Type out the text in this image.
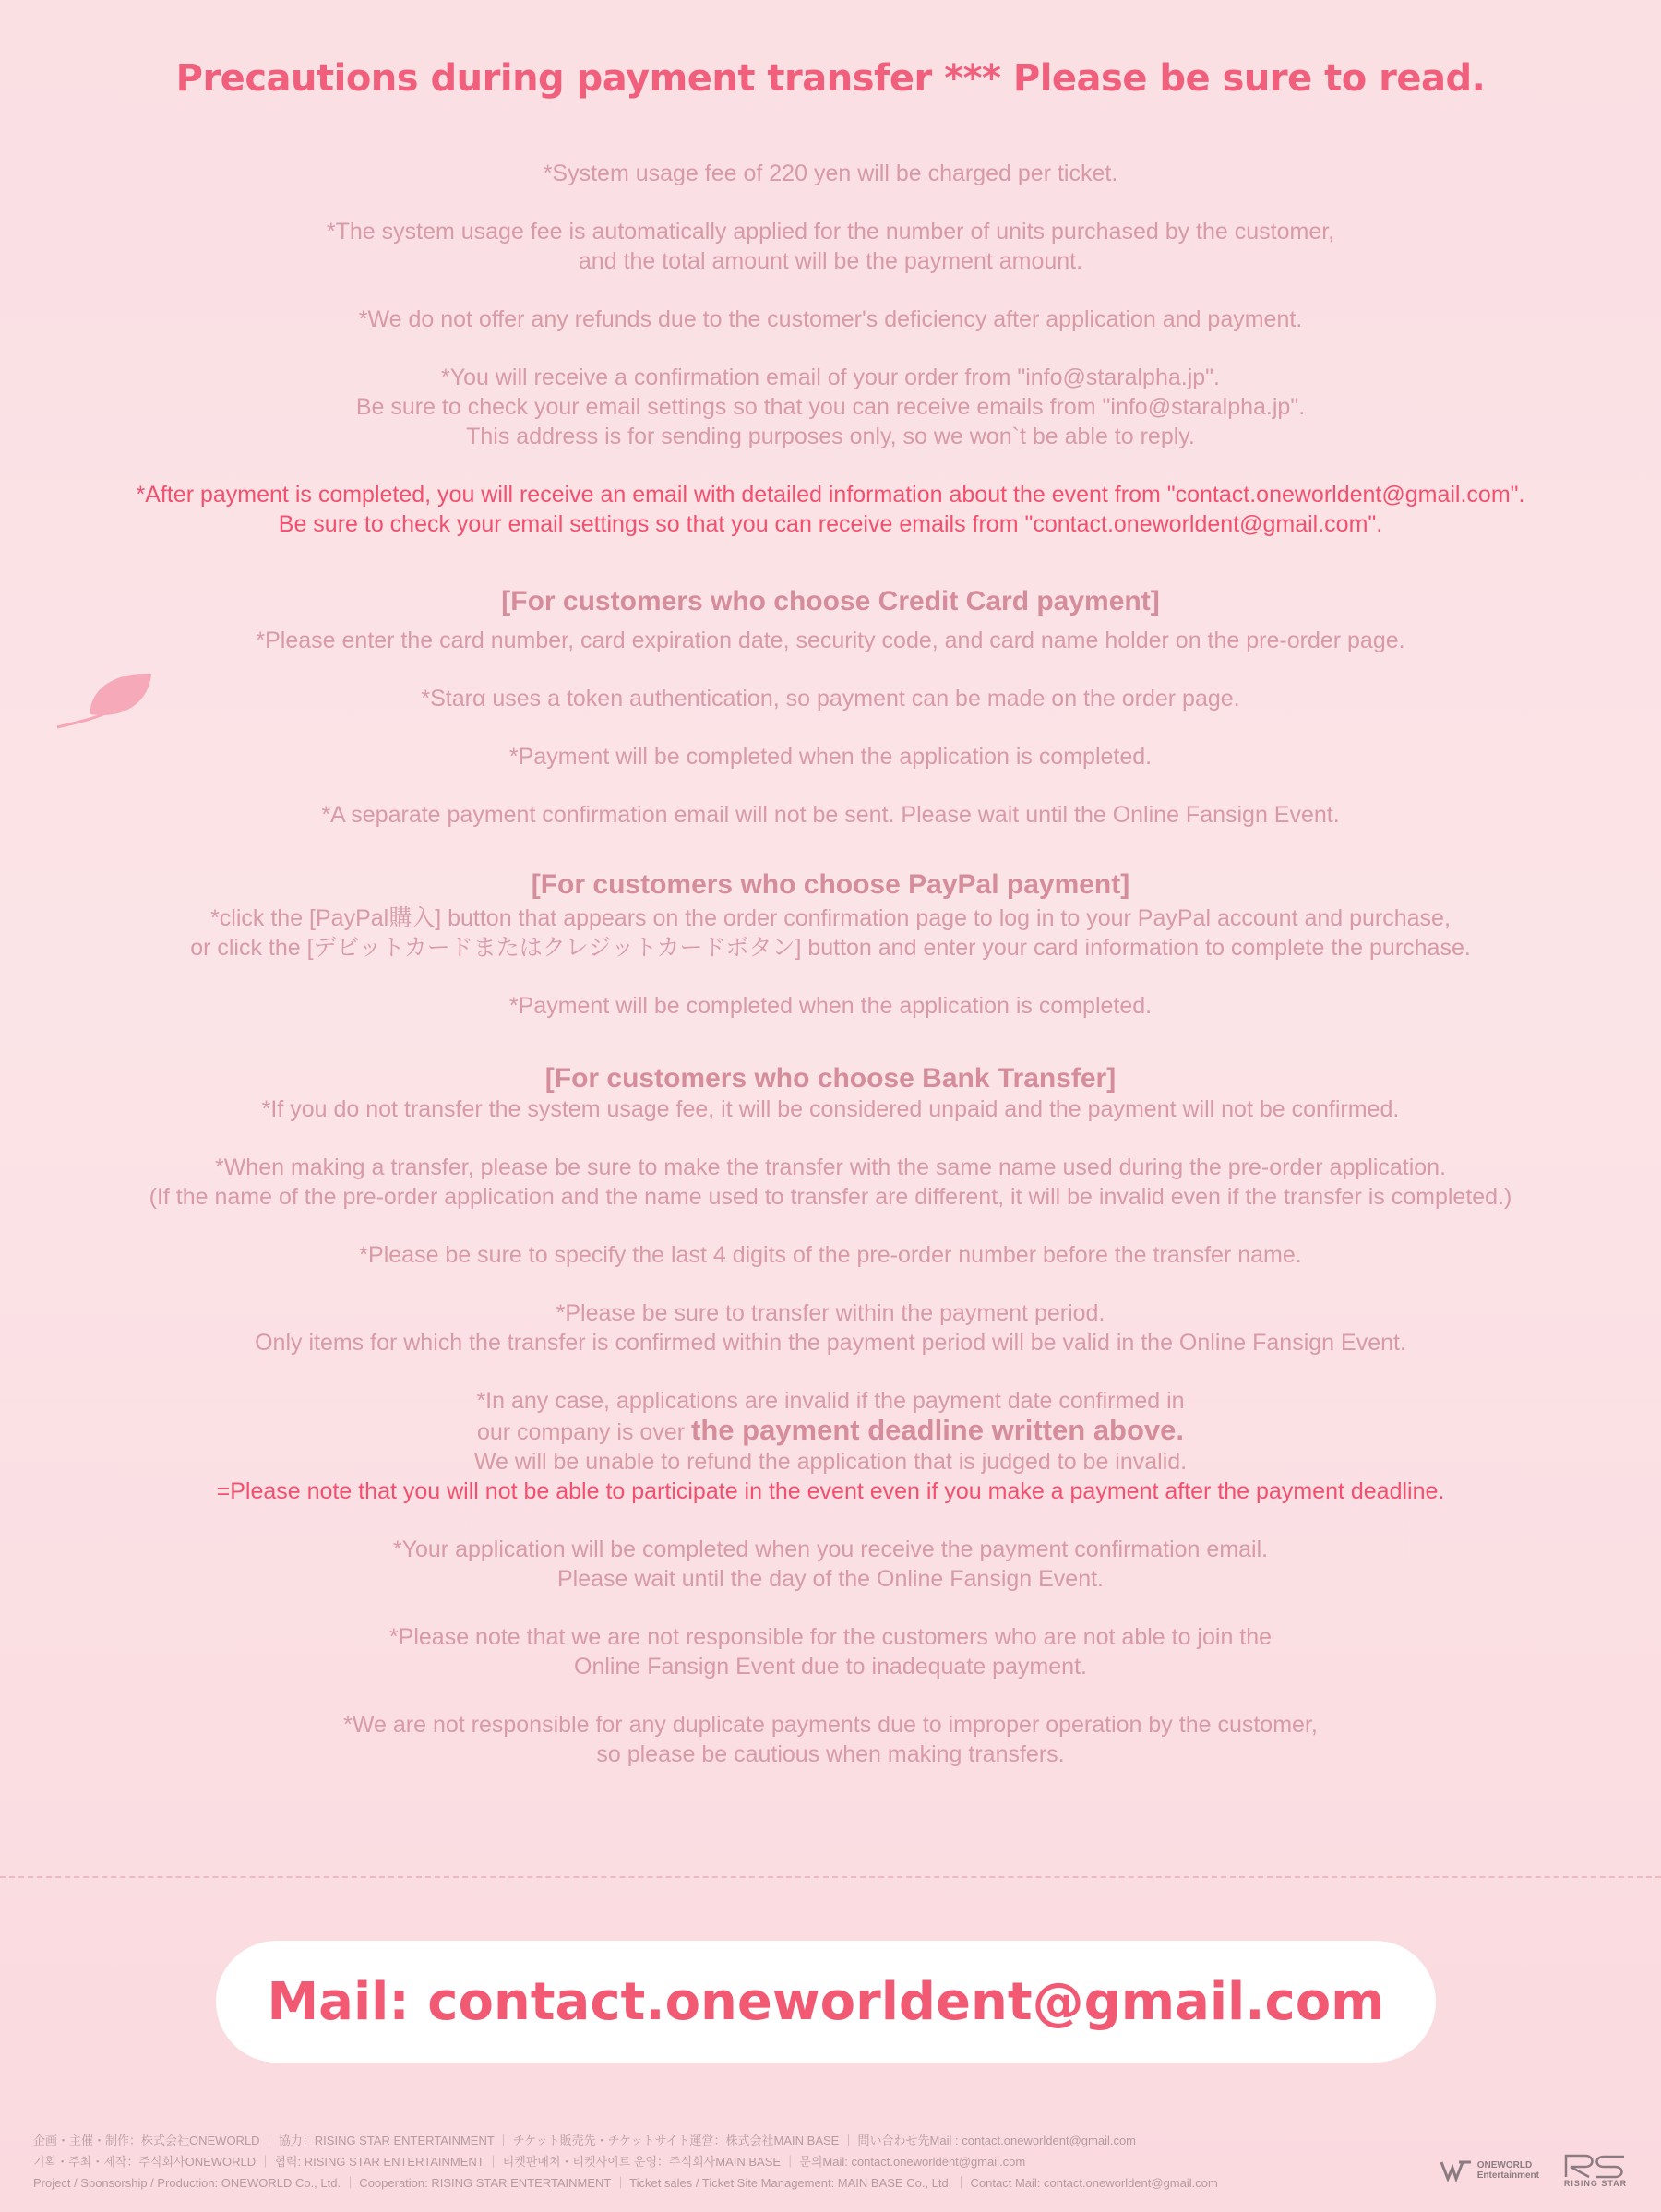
Precautions during payment transfer *** Please be sure to read.

*System usage fee of 220 yen will be charged per ticket.

*The system usage fee is automatically applied for the number of units purchased by the customer,
and the total amount will be the payment amount.

*We do not offer any refunds due to the customer's deficiency after application and payment.

*You will receive a confirmation email of your order from "info@staralpha.jp".
Be sure to check your email settings so that you can receive emails from "info@staralpha.jp".
This address is for sending purposes only, so we won`t be able to reply.

*After payment is completed, you will receive an email with detailed information about the event from "contact.oneworldent@gmail.com".
Be sure to check your email settings so that you can receive emails from "contact.oneworldent@gmail.com".

[For customers who choose Credit Card payment]

*Please enter the card number, card expiration date, security code, and card name holder on the pre-order page.

*Starα uses a token authentication, so payment can be made on the order page.

*Payment will be completed when the application is completed.

*A separate payment confirmation email will not be sent. Please wait until the Online Fansign Event.

[For customers who choose PayPal payment]

*click the [PayPal購入] button that appears on the order confirmation page to log in to your PayPal account and purchase,
or click the [デビットカードまたはクレジットカードボタン] button and enter your card information to complete the purchase.

*Payment will be completed when the application is completed.

[For customers who choose Bank Transfer]

*If you do not transfer the system usage fee, it will be considered unpaid and the payment will not be confirmed.

*When making a transfer, please be sure to make the transfer with the same name used during the pre-order application.
(If the name of the pre-order application and the name used to transfer are different, it will be invalid even if the transfer is completed.)

*Please be sure to specify the last 4 digits of the pre-order number before the transfer name.

*Please be sure to transfer within the payment period.
Only items for which the transfer is confirmed within the payment period will be valid in the Online Fansign Event.

*In any case, applications are invalid if the payment date confirmed in
our company is over the payment deadline written above.
We will be unable to refund the application that is judged to be invalid.
=Please note that you will not be able to participate in the event even if you make a payment after the payment deadline.

*Your application will be completed when you receive the payment confirmation email.
Please wait until the day of the Online Fansign Event.

*Please note that we are not responsible for the customers who are not able to join the
Online Fansign Event due to inadequate payment.

*We are not responsible for any duplicate payments due to improper operation by the customer,
so please be cautious when making transfers.

Mail: contact.oneworldent@gmail.com
企画・主催・制作：株式会社ONEWORLD ｜ 協力：RISING STAR ENTERTAINMENT ｜ チケット販売先・チケットサイト運営：株式会社MAIN BASE ｜ 問い合わせ先Mail : contact.oneworldent@gmail.com
기획・주최・제작：주식회사ONEWORLD ｜ 협력: RISING STAR ENTERTAINMENT ｜ 티켓판매처・티켓사이트 운영：주식회사MAIN BASE ｜ 문의Mail: contact.oneworldent@gmail.com
Project / Sponsorship / Production: ONEWORLD Co., Ltd. ｜ Cooperation: RISING STAR ENTERTAINMENT ｜ Ticket sales / Ticket Site Management: MAIN BASE Co., Ltd. ｜ Contact Mail: contact.oneworldent@gmail.com
ONEWORLD
Entertainment
RISING STAR
